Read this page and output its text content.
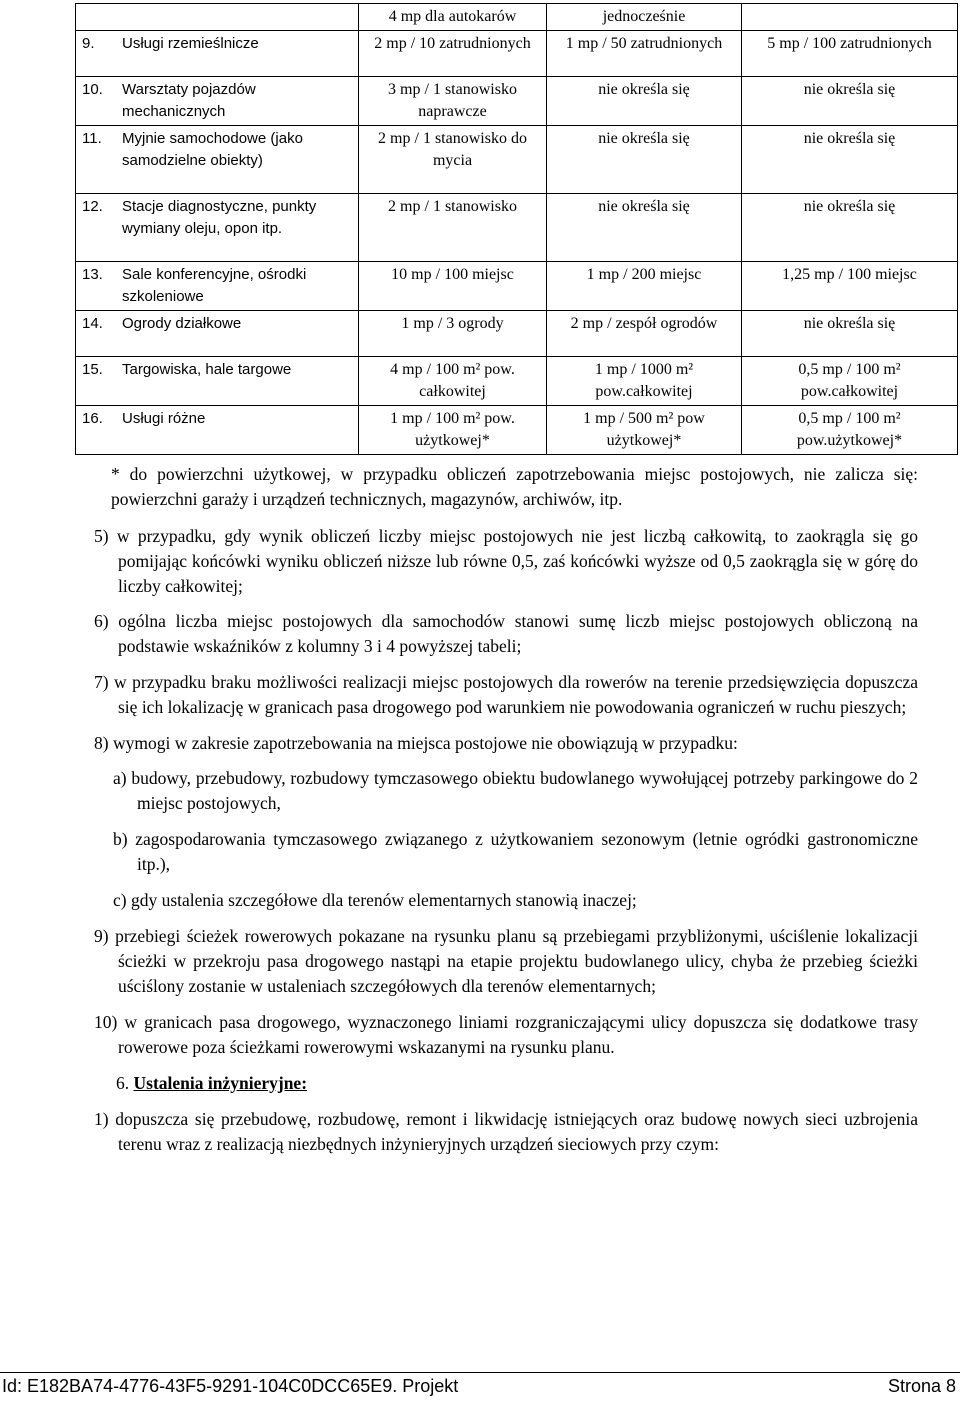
	4 mp dla autokarów	jednocześnie	

9. Usługi rzemieślnicze	2 mp / 10 zatrudnionych	1 mp / 50 zatrudnionych	5 mp / 100 zatrudnionych

10. Warsztaty pojazdów mechanicznych	3 mp / 1 stanowisko naprawcze	nie określa się	nie określa się

11. Myjnie samochodowe (jako samodzielne obiekty)	2 mp / 1 stanowisko do mycia	nie określa się	nie określa się

12. Stacje diagnostyczne, punkty wymiany oleju, opon itp.	2 mp / 1 stanowisko	nie określa się	nie określa się

13. Sale konferencyjne, ośrodki szkoleniowe	10 mp / 100 miejsc	1 mp / 200 miejsc	1,25 mp / 100 miejsc

14. Ogrody działkowe	1 mp / 3 ogrody	2 mp / zespół ogrodów	nie określa się

15. Targowiska, hale targowe	4 mp / 100 m² pow. całkowitej	1 mp / 1000 m² pow.całkowitej	0,5 mp / 100 m² pow.całkowitej

16. Usługi różne	1 mp / 100 m² pow. użytkowej*	1 mp / 500 m² pow użytkowej*	0,5 mp / 100 m² pow.użytkowej*

* do powierzchni użytkowej, w przypadku obliczeń zapotrzebowania miejsc postojowych, nie zalicza się: powierzchni garaży i urządzeń technicznych, magazynów, archiwów, itp.

5) w przypadku, gdy wynik obliczeń liczby miejsc postojowych nie jest liczbą całkowitą, to zaokrągla się go pomijając końcówki wyniku obliczeń niższe lub równe 0,5, zaś końcówki wyższe od 0,5 zaokrągla się w górę do liczby całkowitej;

6) ogólna liczba miejsc postojowych dla samochodów stanowi sumę liczb miejsc postojowych obliczoną na podstawie wskaźników z kolumny 3 i 4 powyższej tabeli;

7) w przypadku braku możliwości realizacji miejsc postojowych dla rowerów na terenie przedsięwzięcia dopuszcza się ich lokalizację w granicach pasa drogowego pod warunkiem nie powodowania ograniczeń w ruchu pieszych;

8) wymogi w zakresie zapotrzebowania na miejsca postojowe nie obowiązują w przypadku:

a) budowy, przebudowy, rozbudowy tymczasowego obiektu budowlanego wywołującej potrzeby parkingowe do 2 miejsc postojowych,

b) zagospodarowania tymczasowego związanego z użytkowaniem sezonowym (letnie ogródki gastronomiczne itp.),

c) gdy ustalenia szczegółowe dla terenów elementarnych stanowią inaczej;

9) przebiegi ścieżek rowerowych pokazane na rysunku planu są przebiegami przybliżonymi, uściślenie lokalizacji ścieżki w przekroju pasa drogowego nastąpi na etapie projektu budowlanego ulicy, chyba że przebieg ścieżki uściślony zostanie w ustaleniach szczegółowych dla terenów elementarnych;

10) w granicach pasa drogowego, wyznaczonego liniami rozgraniczającymi ulicy dopuszcza się dodatkowe trasy rowerowe poza ścieżkami rowerowymi wskazanymi na rysunku planu.

6. Ustalenia inżynieryjne:

1) dopuszcza się przebudowę, rozbudowę, remont i likwidację istniejących oraz budowę nowych sieci uzbrojenia terenu wraz z realizacją niezbędnych inżynieryjnych urządzeń sieciowych przy czym:

Id: E182BA74-4776-43F5-9291-104C0DCC65E9. Projekt	Strona 8
